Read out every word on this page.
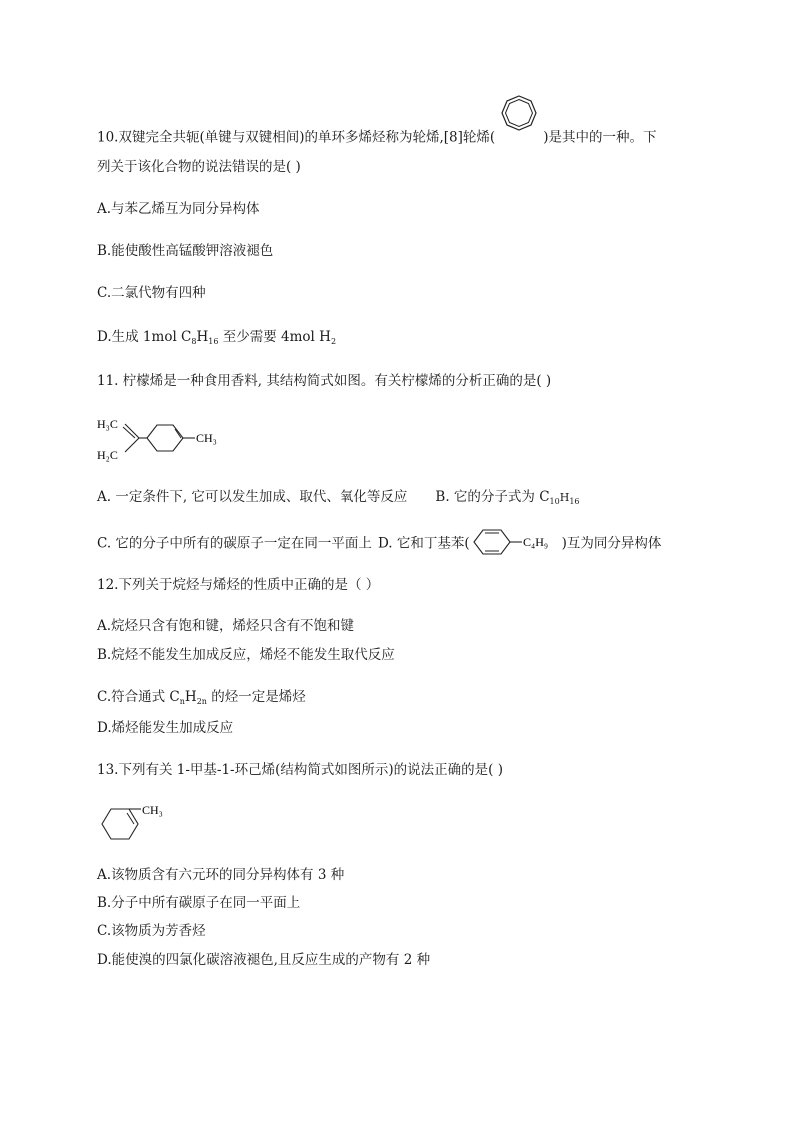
10.双键完全共轭(单键与双键相间)的单环多烯烃称为轮烯,[8]轮烯(	)是其中的一种。下
列关于该化合物的说法错误的是( )
A.与苯乙烯互为同分异构体
B.能使酸性高锰酸钾溶液褪色
C.二氯代物有四种
D.生成 1mol $C_8H_{16}$ 至少需要 4mol $H_2$
11. 柠檬烯是一种食用香料, 其结构简式如图。有关柠檬烯的分析正确的是( )
H₃C
H₂C
CH₃
A. 一定条件下, 它可以发生加成、取代、氧化等反应 B. 它的分子式为 $C_{10}H_{16}$
C. 它的分子中所有的碳原子一定在同一平面上 D. 它和丁基苯(	C₄H₉ )互为同分异构体
12.下列关于烷烃与烯烃的性质中正确的是（ ）
A.烷烃只含有饱和键，烯烃只含有不饱和键
B.烷烃不能发生加成反应，烯烃不能发生取代反应
C.符合通式 $C_nH_{2n}$ 的烃一定是烯烃
D.烯烃能发生加成反应
13.下列有关 1-甲基-1-环己烯(结构简式如图所示)的说法正确的是( )
CH₃
A.该物质含有六元环的同分异构体有 3 种
B.分子中所有碳原子在同一平面上
C.该物质为芳香烃
D.能使溴的四氯化碳溶液褪色,且反应生成的产物有 2 种
